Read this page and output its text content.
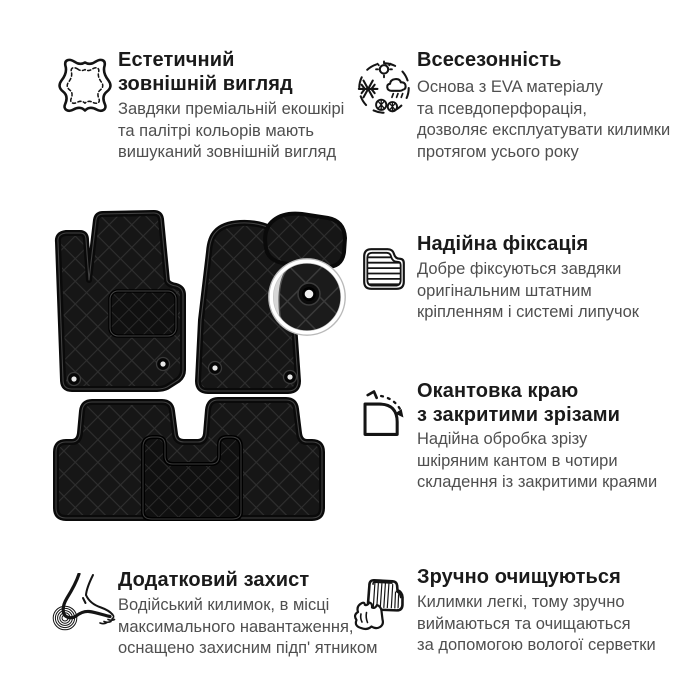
Естетичний
зовнішній вигляд

Завдяки преміальній екошкірі
та палітрі кольорів мають
вишуканий зовнішній вигляд

Всесезонність

Основа з EVA матеріалу
та псевдоперфорація,
дозволяє експлуатувати килимки
протягом усього року

Надійна фіксація

Добре фіксуються завдяки
оригінальним штатним
кріпленням і системі липучок

Окантовка краю
з закритими зрізами

Надійна обробка зрізу
шкіряним кантом в чотири
складення із закритими краями

Додатковий захист

Водійський килимок, в місці
максимального навантаження,
оснащено захисним підп' ятником

Зручно очищуються

Килимки легкі, тому зручно
виймаються та очищаються
за допомогою вологої серветки
